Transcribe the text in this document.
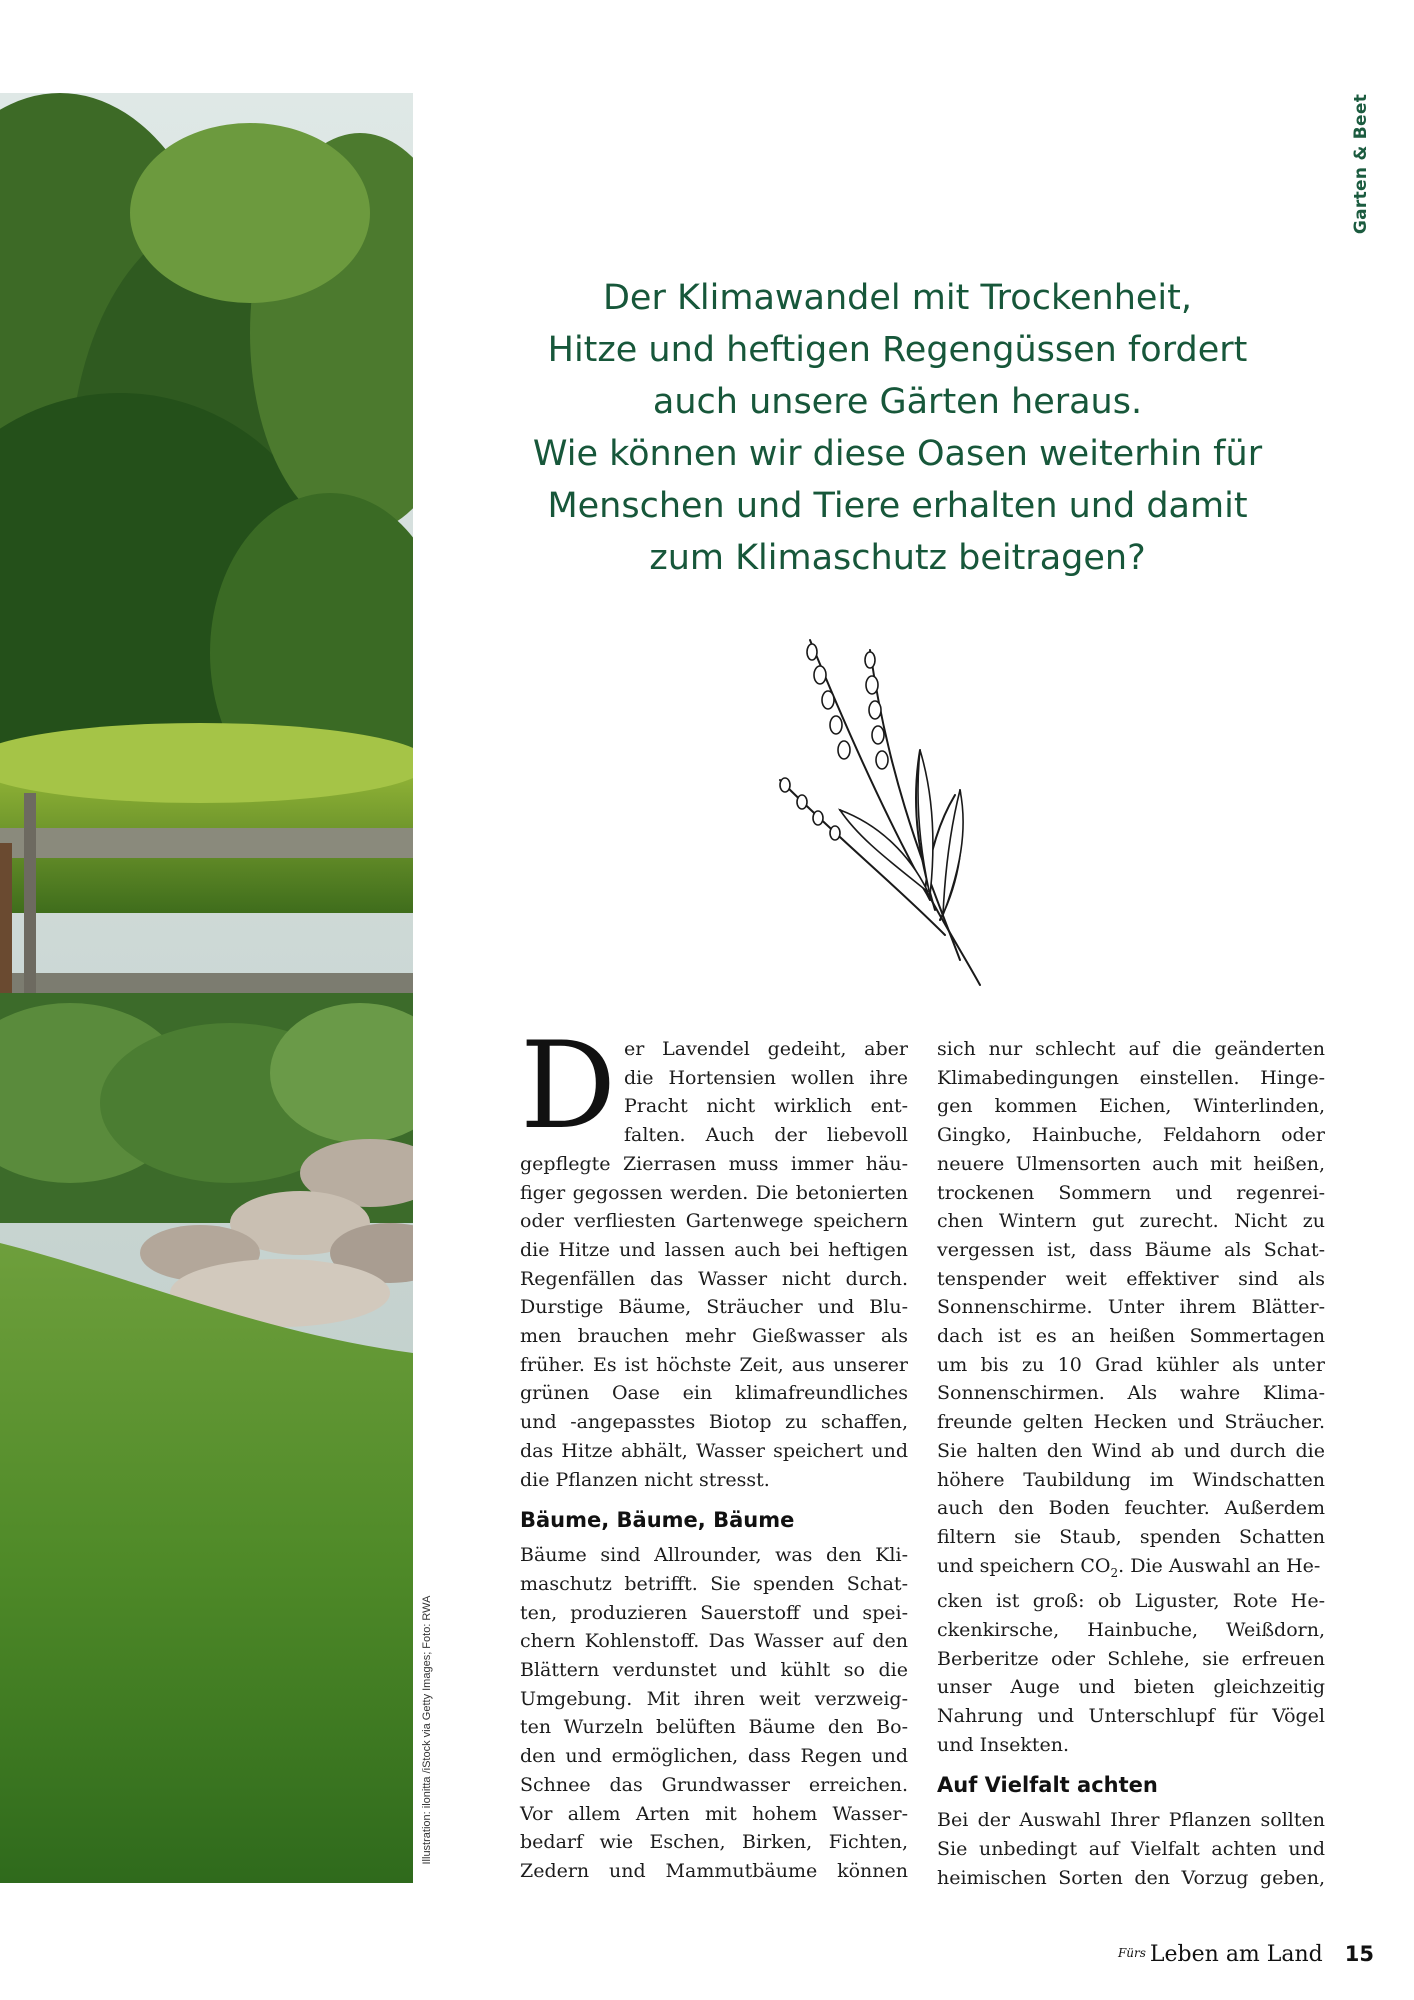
Garten & Beet
Illustration: ilonitta /iStock via Getty Images; Foto: RWA
Der Klimawandel mit Trockenheit,
Hitze und heftigen Regengüssen fordert
auch unsere Gärten heraus.
Wie können wir diese Oasen weiterhin für
Menschen und Tiere erhalten und damit
zum Klimaschutz beitragen?
D er Lavendel gedeiht, aber
die Hortensien wollen ihre
Pracht nicht wirklich ent-
falten. Auch der liebevoll
gepflegte Zierrasen muss immer häu-
figer gegossen werden. Die betonierten
oder verfliesten Gartenwege speichern
die Hitze und lassen auch bei heftigen
Regenfällen das Wasser nicht durch.
Durstige Bäume, Sträucher und Blu-
men brauchen mehr Gießwasser als
früher. Es ist höchste Zeit, aus unserer
grünen Oase ein klimafreundliches
und -angepasstes Biotop zu schaffen,
das Hitze abhält, Wasser speichert und
die Pflanzen nicht stresst.
Bäume, Bäume, Bäume
Bäume sind Allrounder, was den Kli-
maschutz betrifft. Sie spenden Schat-
ten, produzieren Sauerstoff und spei-
chern Kohlenstoff. Das Wasser auf den
Blättern verdunstet und kühlt so die
Umgebung. Mit ihren weit verzweig-
ten Wurzeln belüften Bäume den Bo-
den und ermöglichen, dass Regen und
Schnee das Grundwasser erreichen.
Vor allem Arten mit hohem Wasser-
bedarf wie Eschen, Birken, Fichten,
Zedern und Mammutbäume können
sich nur schlecht auf die geänderten
Klimabedingungen einstellen. Hinge-
gen kommen Eichen, Winterlinden,
Gingko, Hainbuche, Feldahorn oder
neuere Ulmensorten auch mit heißen,
trockenen Sommern und regenrei-
chen Wintern gut zurecht. Nicht zu
vergessen ist, dass Bäume als Schat-
tenspender weit effektiver sind als
Sonnenschirme. Unter ihrem Blätter-
dach ist es an heißen Sommertagen
um bis zu 10 Grad kühler als unter
Sonnenschirmen. Als wahre Klima-
freunde gelten Hecken und Sträucher.
Sie halten den Wind ab und durch die
höhere Taubildung im Windschatten
auch den Boden feuchter. Außerdem
filtern sie Staub, spenden Schatten
und speichern $CO_2$. Die Auswahl an He-
cken ist groß: ob Liguster, Rote He-
ckenkirsche, Hainbuche, Weißdorn,
Berberitze oder Schlehe, sie erfreuen
unser Auge und bieten gleichzeitig
Nahrung und Unterschlupf für Vögel
und Insekten.
Auf Vielfalt achten
Bei der Auswahl Ihrer Pflanzen sollten
Sie unbedingt auf Vielfalt achten und
heimischen Sorten den Vorzug geben,
Fürs Leben am Land 15
